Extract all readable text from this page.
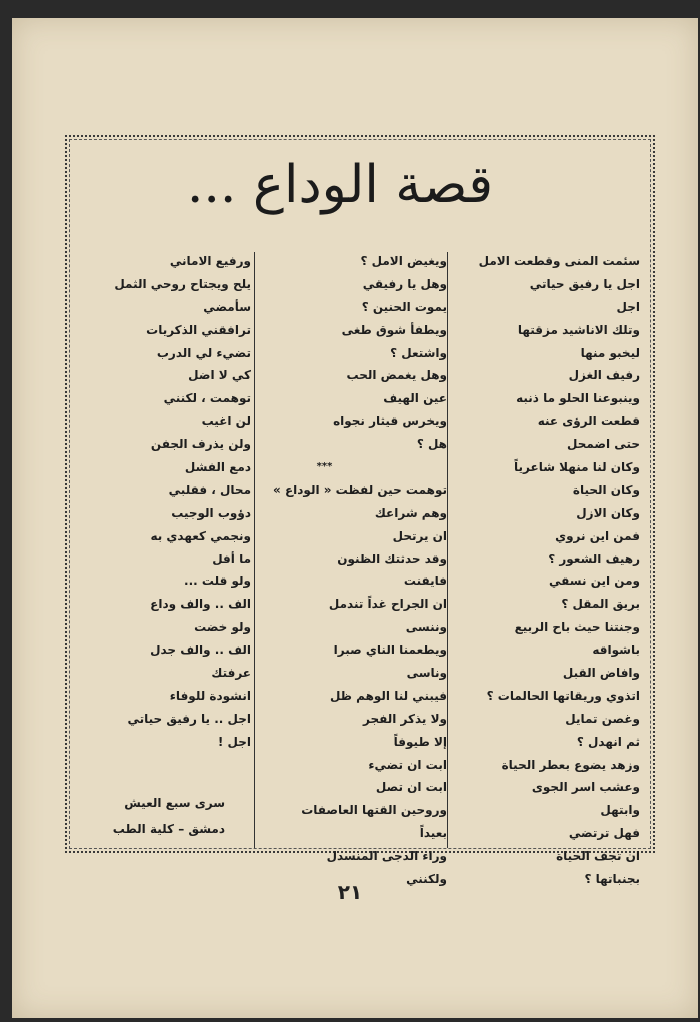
قصة الوداع ...
سئمت المنى وقطعت الامل
اجل يا رفيق حياتي
اجل
وتلك الاناشيد مزقتها
ليخبو منها
رفيف الغزل
وينبوعنا الحلو ما ذنبه
قطعت الرؤى عنه
حتى اضمحل
وكان لنا منهلا شاعرياً
وكان الحياة
وكان الازل
فمن اين نروي
رهيف الشعور ؟
ومن اين نسقي
بريق المقل ؟
وجنتنا حيث باح الربيع
باشواقه
وافاض القبل
اتذوي وريقاتها الحالمات ؟
وغصن تمايل
ثم انهدل ؟
وزهد يضوع بعطر الحياة
وعشب اسر الجوى
وابتهل
فهل ترتضي
ان تجف الحياة
بجنباتها ؟
ويغيض الامل ؟
وهل يا رفيقي
يموت الحنين ؟
ويطفأ شوق طغى
واشتعل ؟
وهل يغمض الحب
عين الهيف
ويخرس قيثار نجواه
هل ؟
***
توهمت حين لفظت « الوداع »
وهم شراعك
ان يرتحل
وقد حدثتك الظنون
فايقنت
ان الجراح غداً تندمل
وننسى
ويطعمنا الناي صبرا
وناسى
فيبني لنا الوهم ظل
ولا يذكر الفجر
إلا طيوفاً
ابت ان تضيء
ابت ان تصل
وروحين القتها العاصفات
بعيداً
وراء الدجى المنسدل
ولكنني
ورفيع الاماني
يلح ويجتاح روحي الثمل
سأمضي
ترافقني الذكريات
تضيء لي الدرب
كي لا اضل
توهمت ، لكنني
لن اغيب
ولن يذرف الجفن
دمع الفشل
محال ، فقلبي
دؤوب الوجيب
ونجمي كعهدي به
ما أفل
ولو قلت ...
الف .. والف وداع
ولو خضت
الف .. والف جدل
عرفتك
انشودة للوفاء
اجل .. يا رفيق حياتي
اجل !
سرى سبع العيش
دمشق – كلية الطب
٢١
